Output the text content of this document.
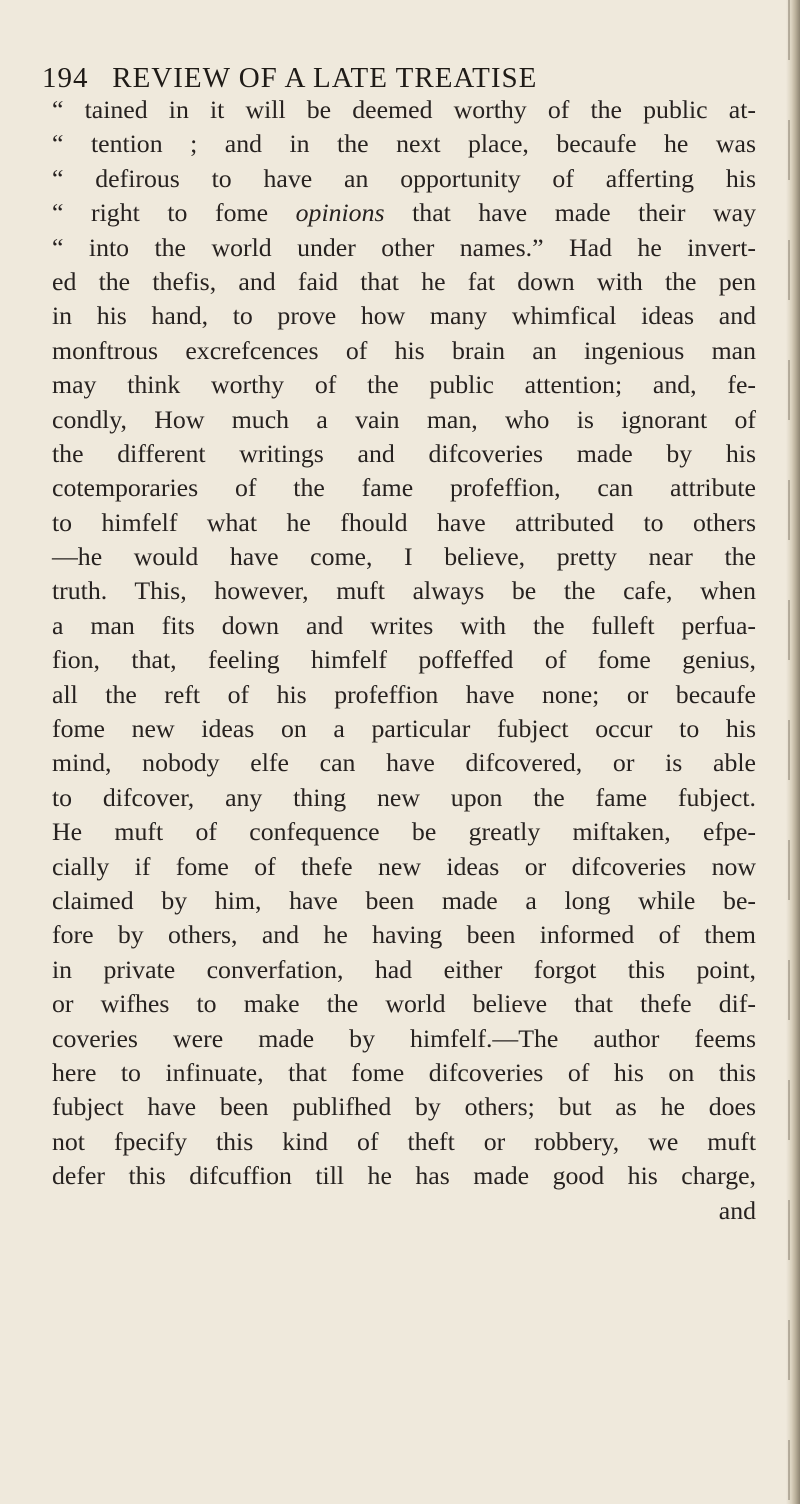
194 REVIEW OF A LATE TREATISE
“ tained in it will be deemed worthy of the public at-
“ tention ; and in the next place, becaufe he was
“ defirous to have an opportunity of afferting his
“ right to fome opinions that have made their way
“ into the world under other names.” Had he invert-
ed the thefis, and faid that he fat down with the pen
in his hand, to prove how many whimfical ideas and
monftrous excrefcences of his brain an ingenious man
may think worthy of the public attention; and, fe-
condly, How much a vain man, who is ignorant of
the different writings and difcoveries made by his
cotemporaries of the fame profeffion, can attribute
to himfelf what he fhould have attributed to others
—he would have come, I believe, pretty near the
truth. This, however, muft always be the cafe, when
a man fits down and writes with the fulleft perfua-
fion, that, feeling himfelf poffeffed of fome genius,
all the reft of his profeffion have none; or becaufe
fome new ideas on a particular fubject occur to his
mind, nobody elfe can have difcovered, or is able
to difcover, any thing new upon the fame fubject.
He muft of confequence be greatly miftaken, efpe-
cially if fome of thefe new ideas or difcoveries now
claimed by him, have been made a long while be-
fore by others, and he having been informed of them
in private converfation, had either forgot this point,
or wifhes to make the world believe that thefe dif-
coveries were made by himfelf.—The author feems
here to infinuate, that fome difcoveries of his on this
fubject have been publifhed by others; but as he does
not fpecify this kind of theft or robbery, we muft
defer this difcuffion till he has made good his charge,
and
